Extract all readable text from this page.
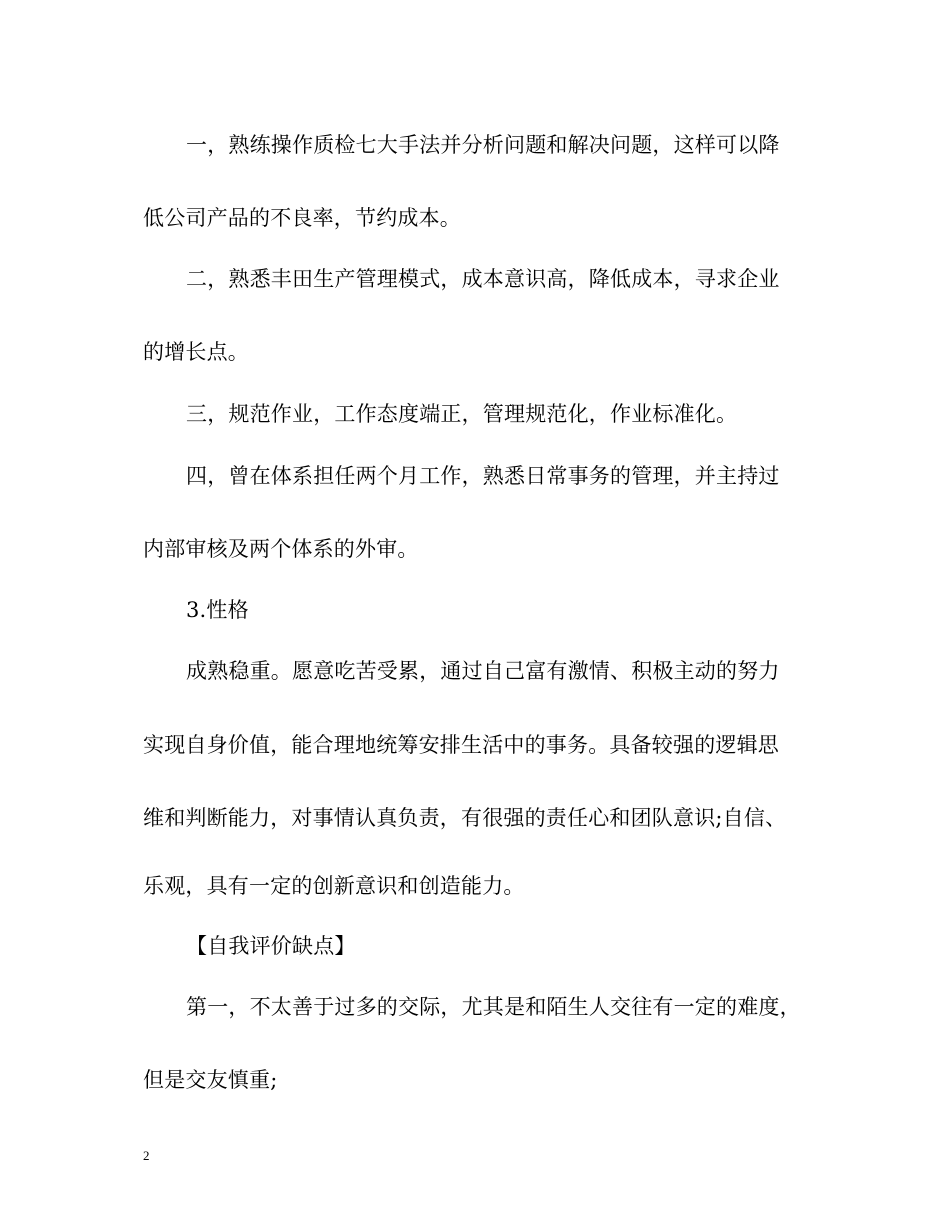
一，熟练操作质检七大手法并分析问题和解决问题，这样可以降
低公司产品的不良率，节约成本。
二，熟悉丰田生产管理模式，成本意识高，降低成本，寻求企业
的增长点。
三，规范作业，工作态度端正，管理规范化，作业标准化。
四，曾在体系担任两个月工作，熟悉日常事务的管理，并主持过
内部审核及两个体系的外审。
3.性格
成熟稳重。愿意吃苦受累，通过自己富有激情、积极主动的努力
实现自身价值，能合理地统筹安排生活中的事务。具备较强的逻辑思
维和判断能力，对事情认真负责，有很强的责任心和团队意识;自信、
乐观，具有一定的创新意识和创造能力。
【自我评价缺点】
第一，不太善于过多的交际，尤其是和陌生人交往有一定的难度，
但是交友慎重;
2
